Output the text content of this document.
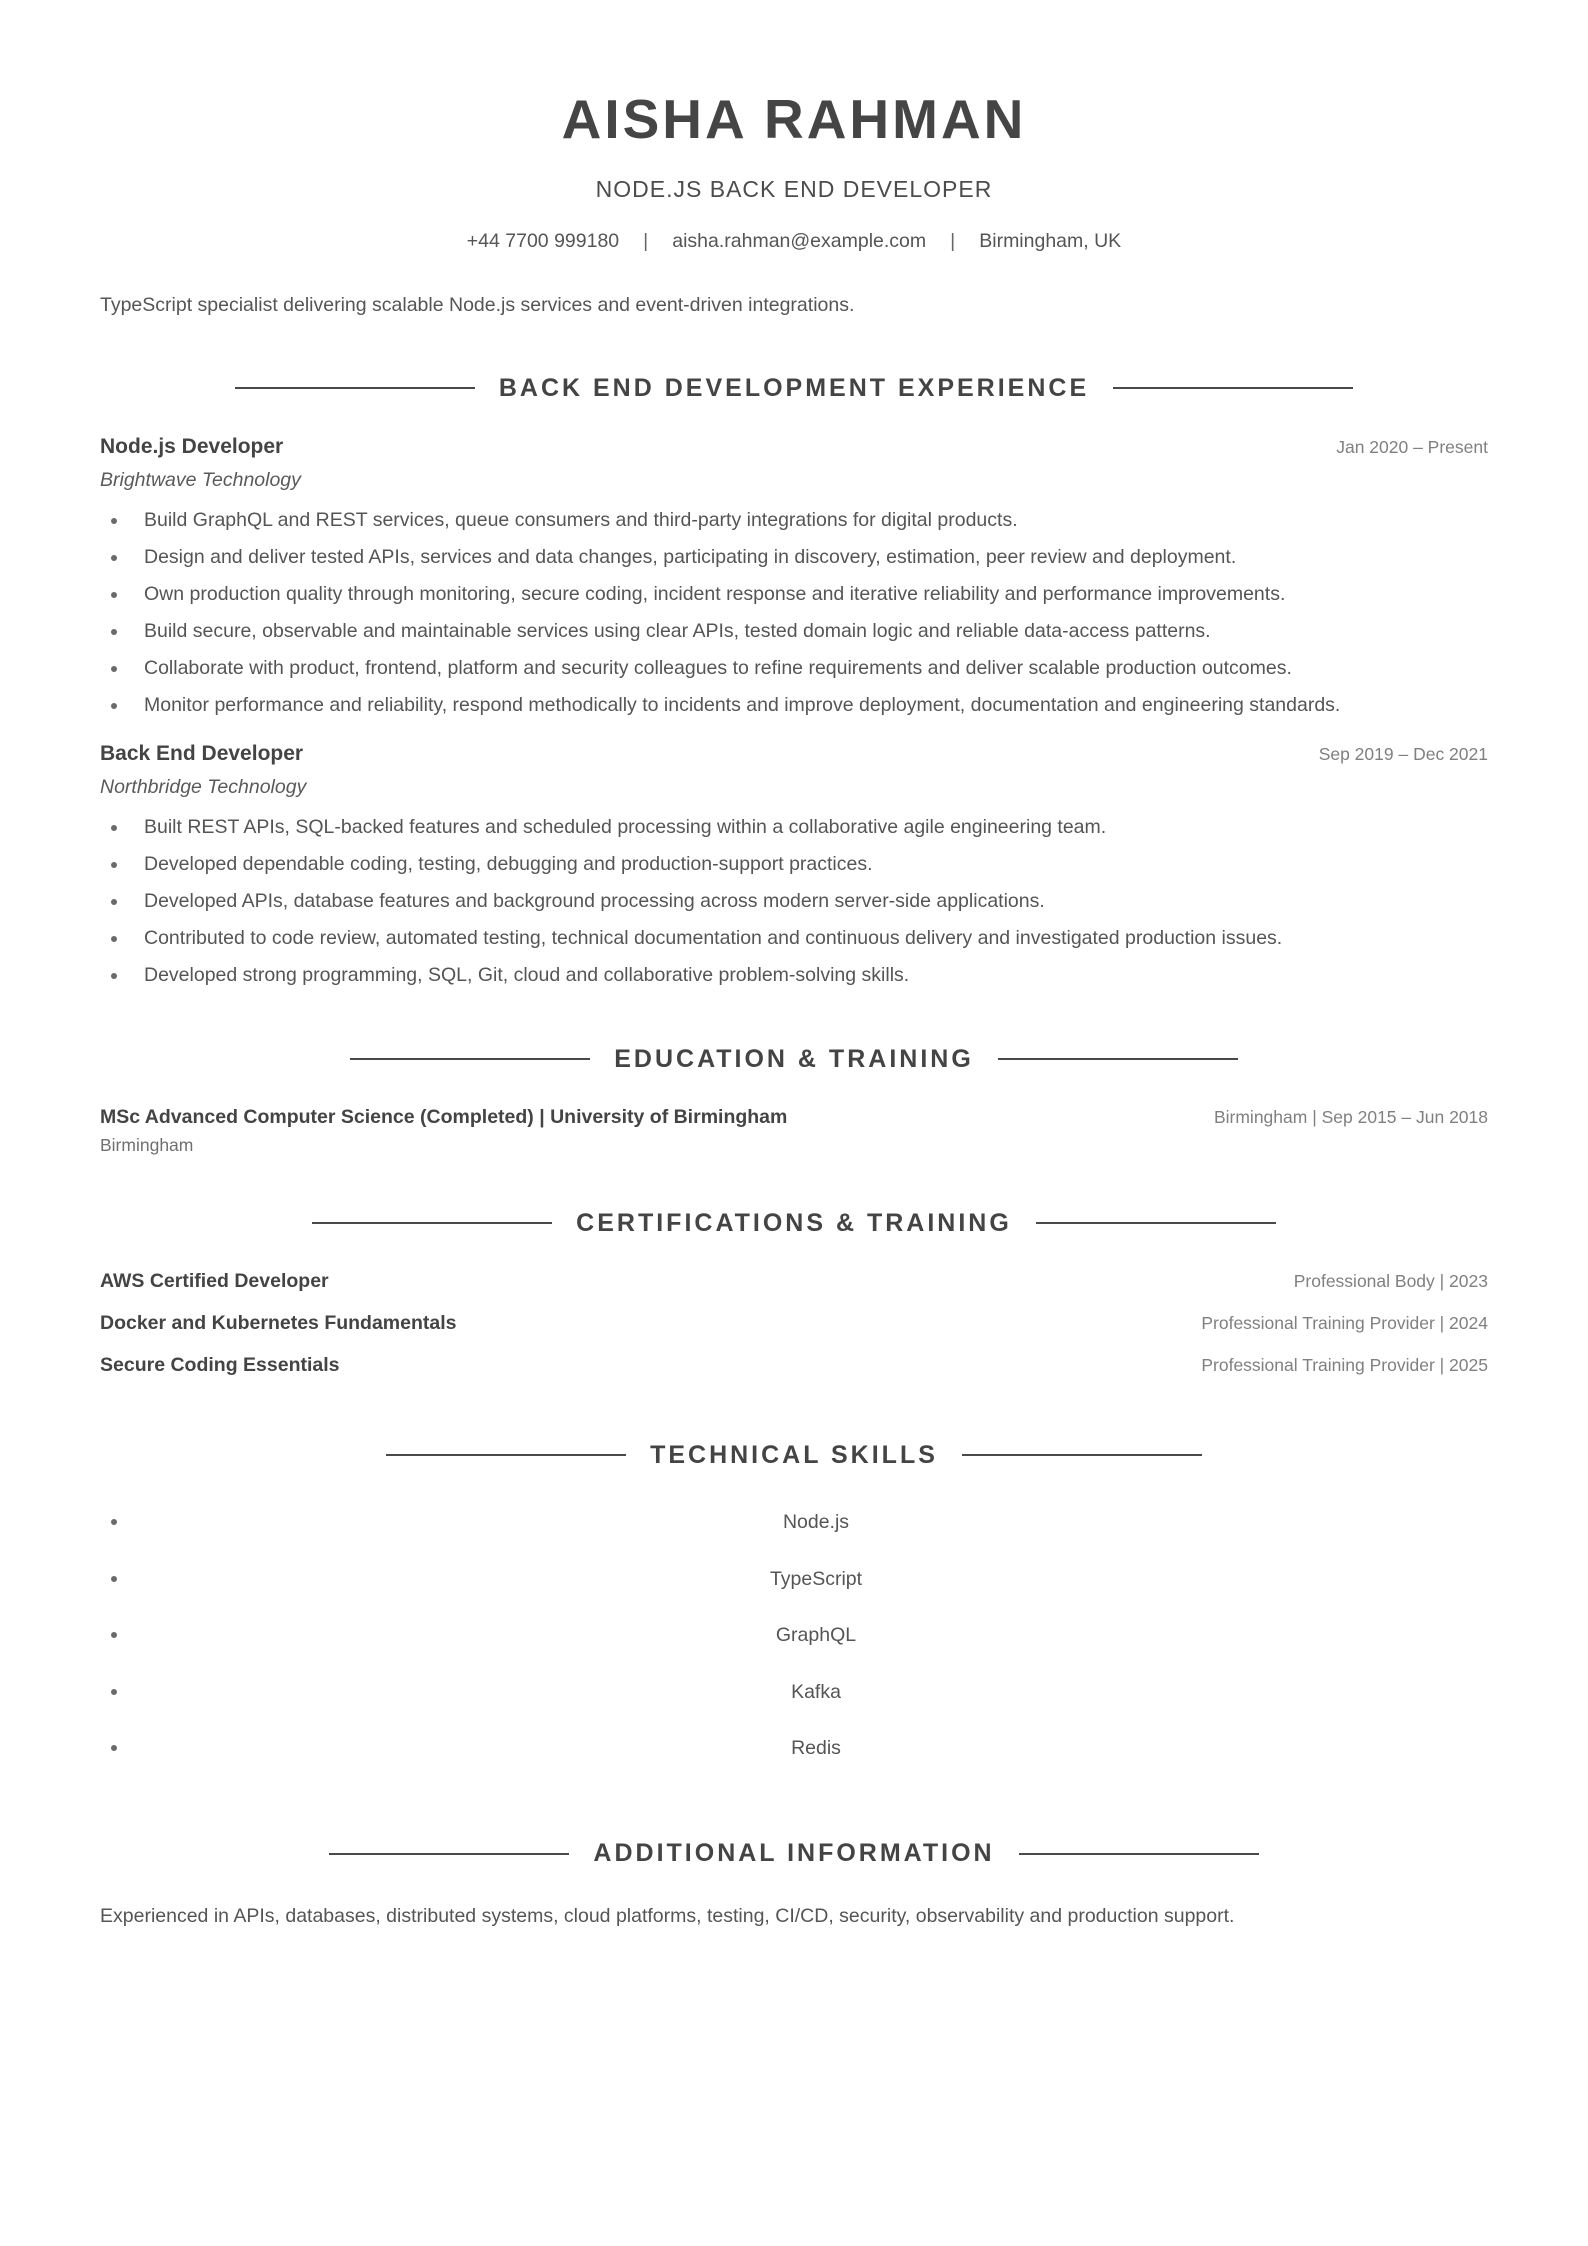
AISHA RAHMAN
NODE.JS BACK END DEVELOPER
+44 7700 999180 | aisha.rahman@example.com | Birmingham, UK
TypeScript specialist delivering scalable Node.js services and event-driven integrations.
BACK END DEVELOPMENT EXPERIENCE
Node.js Developer	Jan 2020 – Present
Brightwave Technology
Build GraphQL and REST services, queue consumers and third-party integrations for digital products.
Design and deliver tested APIs, services and data changes, participating in discovery, estimation, peer review and deployment.
Own production quality through monitoring, secure coding, incident response and iterative reliability and performance improvements.
Build secure, observable and maintainable services using clear APIs, tested domain logic and reliable data-access patterns.
Collaborate with product, frontend, platform and security colleagues to refine requirements and deliver scalable production outcomes.
Monitor performance and reliability, respond methodically to incidents and improve deployment, documentation and engineering standards.
Back End Developer	Sep 2019 – Dec 2021
Northbridge Technology
Built REST APIs, SQL-backed features and scheduled processing within a collaborative agile engineering team.
Developed dependable coding, testing, debugging and production-support practices.
Developed APIs, database features and background processing across modern server-side applications.
Contributed to code review, automated testing, technical documentation and continuous delivery and investigated production issues.
Developed strong programming, SQL, Git, cloud and collaborative problem-solving skills.
EDUCATION & TRAINING
MSc Advanced Computer Science (Completed) | University of Birmingham	Birmingham | Sep 2015 – Jun 2018
Birmingham
CERTIFICATIONS & TRAINING
AWS Certified Developer	Professional Body | 2023
Docker and Kubernetes Fundamentals	Professional Training Provider | 2024
Secure Coding Essentials	Professional Training Provider | 2025
TECHNICAL SKILLS
Node.js
TypeScript
GraphQL
Kafka
Redis
ADDITIONAL INFORMATION
Experienced in APIs, databases, distributed systems, cloud platforms, testing, CI/CD, security, observability and production support.
